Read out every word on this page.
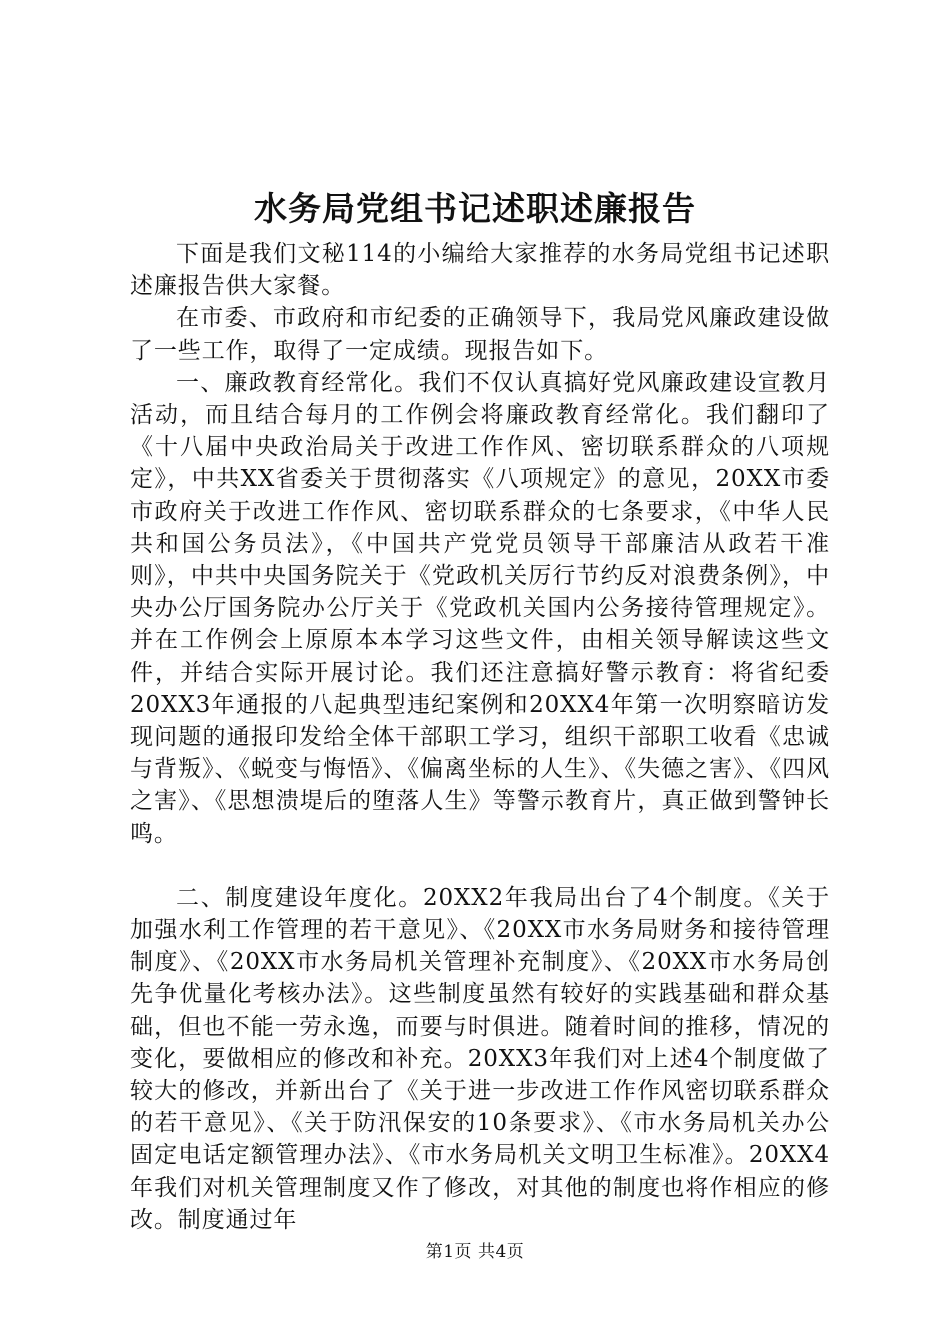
水务局党组书记述职述廉报告

下面是我们文秘114的小编给大家推荐的水务局党组书记述职述廉报告供大家餐。

在市委、市政府和市纪委的正确领导下，我局党风廉政建设做了一些工作，取得了一定成绩。现报告如下。

一、廉政教育经常化。我们不仅认真搞好党风廉政建设宣教月活动，而且结合每月的工作例会将廉政教育经常化。我们翻印了《十八届中央政治局关于改进工作作风、密切联系群众的八项规定》，中共XX省委关于贯彻落实《八项规定》的意见，20XX市委市政府关于改进工作作风、密切联系群众的七条要求，《中华人民共和国公务员法》，《中国共产党党员领导干部廉洁从政若干准则》，中共中央国务院关于《党政机关厉行节约反对浪费条例》，中央办公厅国务院办公厅关于《党政机关国内公务接待管理规定》。并在工作例会上原原本本学习这些文件，由相关领导解读这些文件，并结合实际开展讨论。我们还注意搞好警示教育：将省纪委20XX3年通报的八起典型违纪案例和20XX4年第一次明察暗访发现问题的通报印发给全体干部职工学习，组织干部职工收看《忠诚与背叛》、《蜕变与悔悟》、《偏离坐标的人生》、《失德之害》、《四风之害》、《思想溃堤后的堕落人生》等警示教育片，真正做到警钟长鸣。

二、制度建设年度化。20XX2年我局出台了4个制度。《关于加强水利工作管理的若干意见》、《20XX市水务局财务和接待管理制度》、《20XX市水务局机关管理补充制度》、《20XX市水务局创先争优量化考核办法》。这些制度虽然有较好的实践基础和群众基础，但也不能一劳永逸，而要与时俱进。随着时间的推移，情况的变化，要做相应的修改和补充。20XX3年我们对上述4个制度做了较大的修改，并新出台了《关于进一步改进工作作风密切联系群众的若干意见》、《关于防汛保安的10条要求》、《市水务局机关办公固定电话定额管理办法》、《市水务局机关文明卫生标准》。20XX4年我们对机关管理制度又作了修改，对其他的制度也将作相应的修改。制度通过年

第1页 共4页
